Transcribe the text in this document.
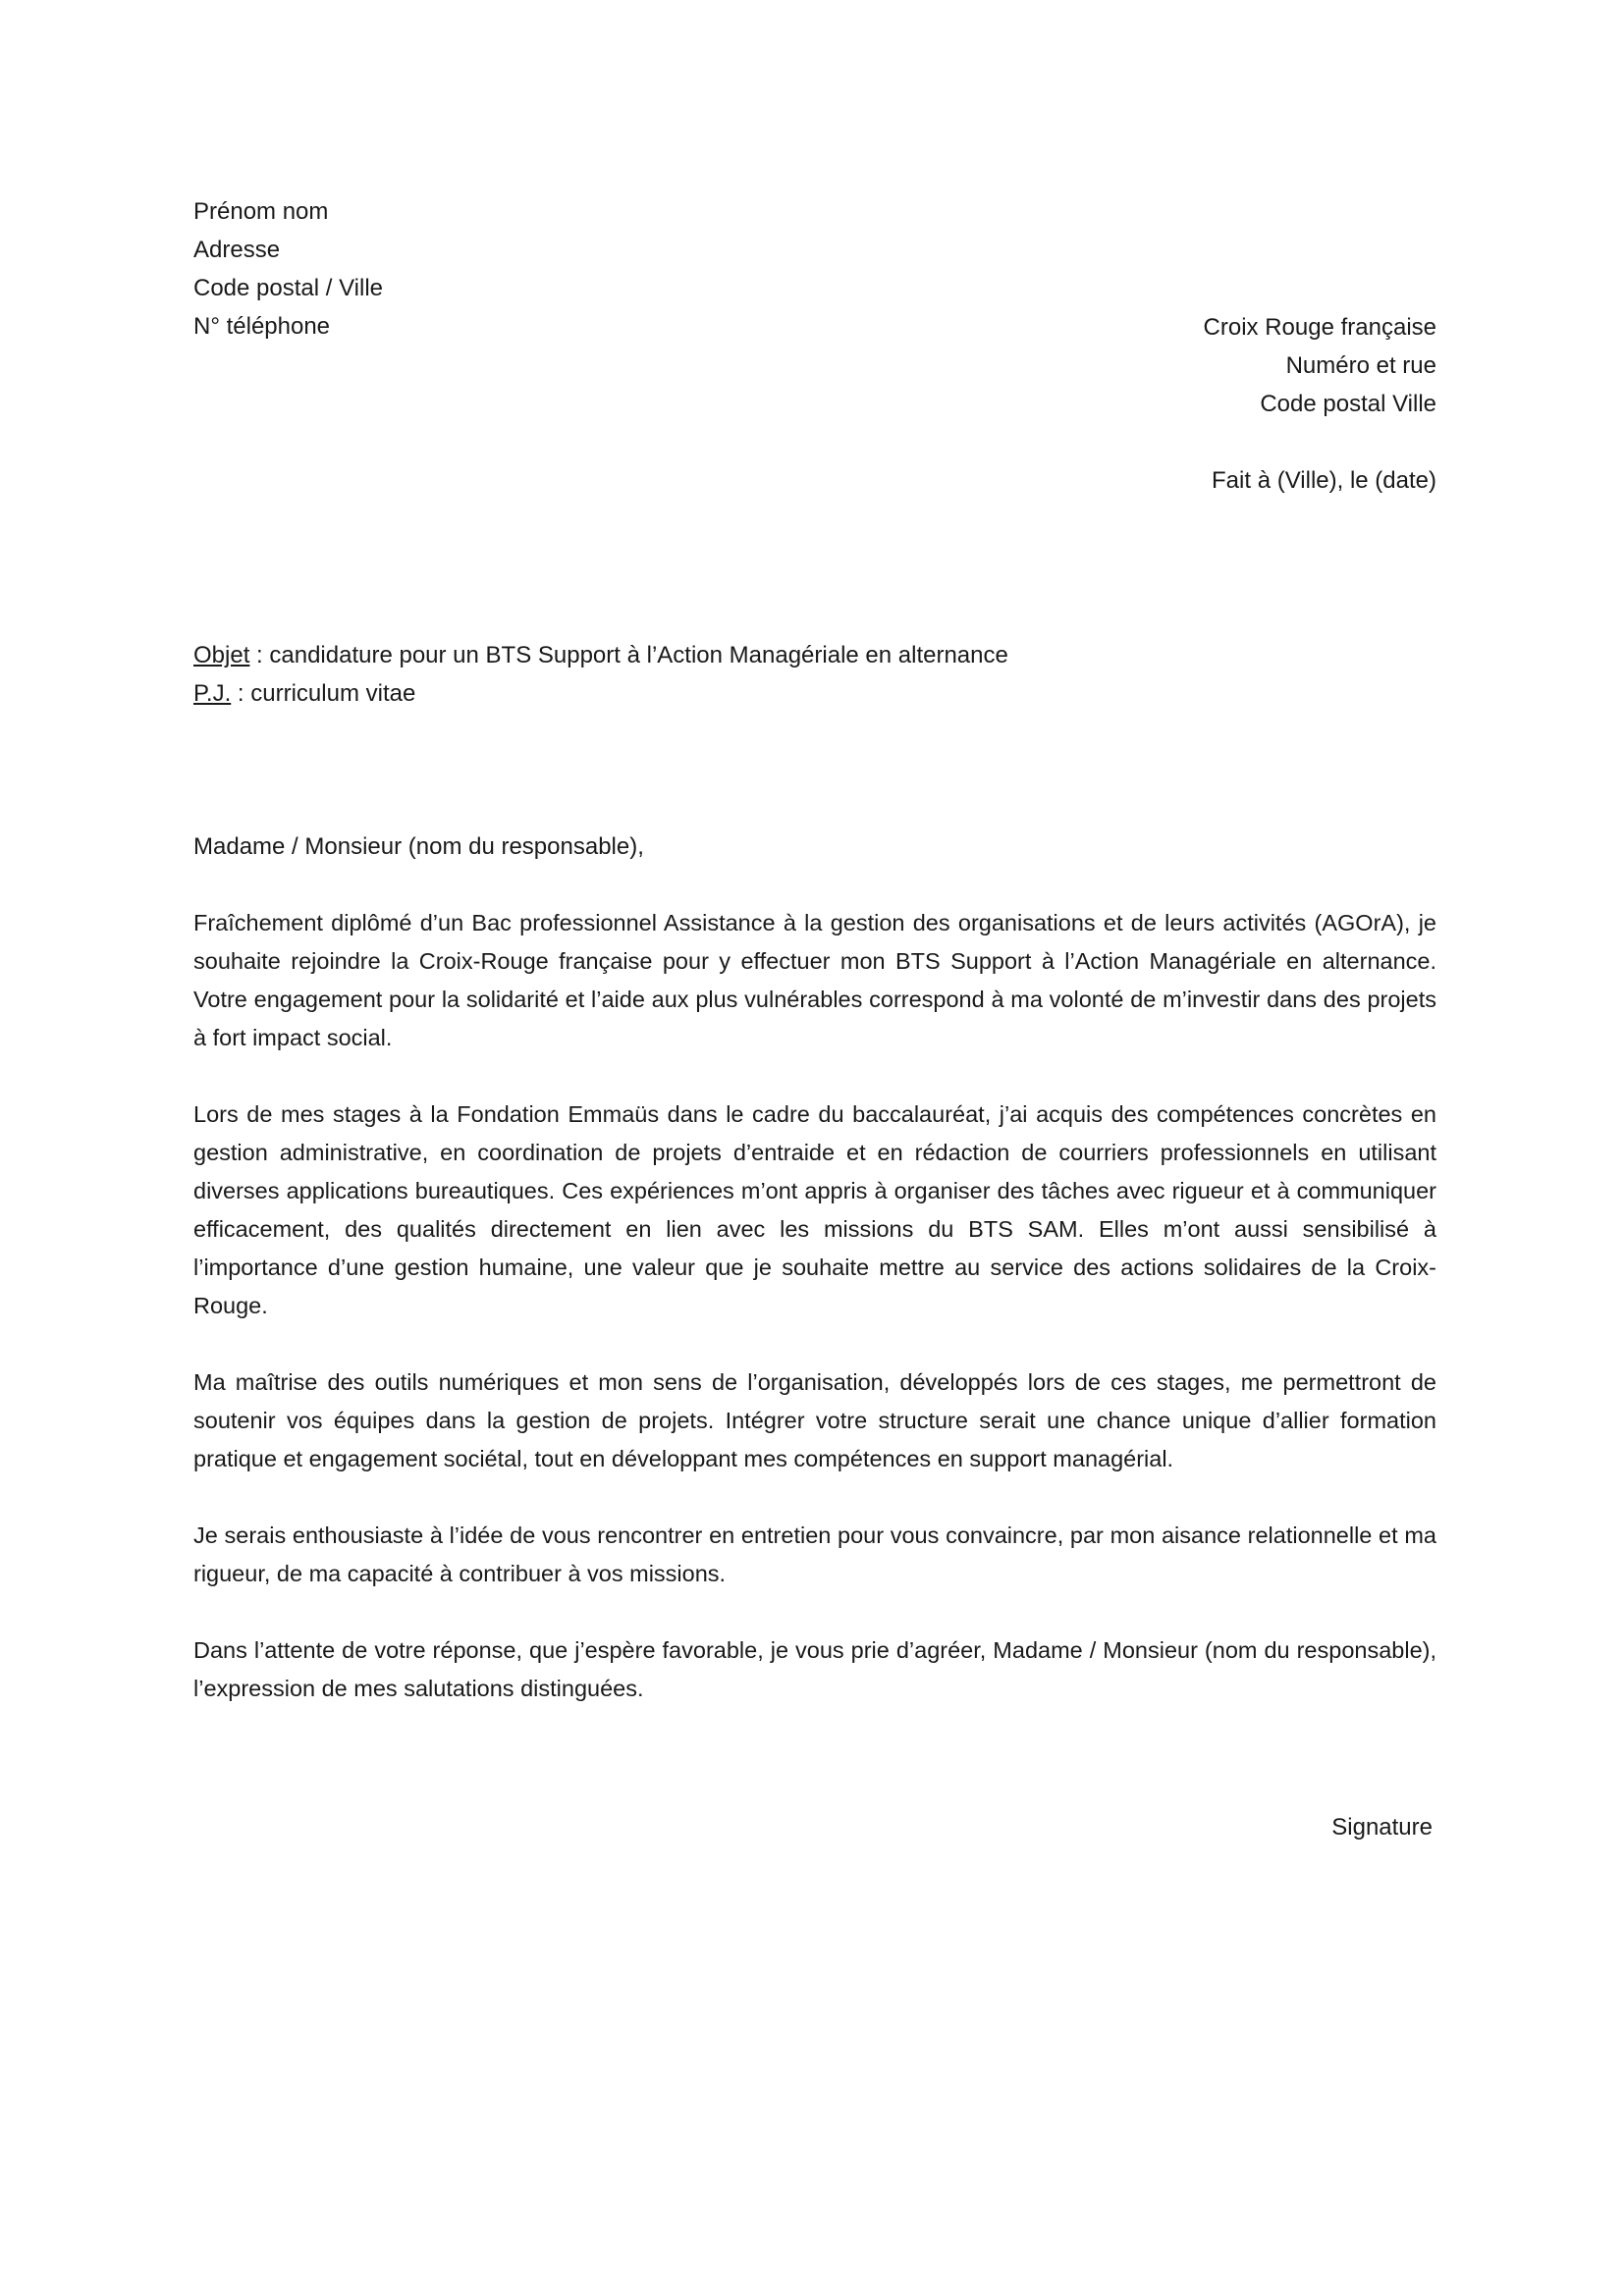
Prénom nom
Adresse
Code postal / Ville
N° téléphone	Croix Rouge française
Numéro et rue
Code postal Ville
Fait à (Ville), le (date)
Objet : candidature pour un BTS Support à l’Action Managériale en alternance
P.J. : curriculum vitae
Madame / Monsieur (nom du responsable),

Fraîchement diplômé d’un Bac professionnel Assistance à la gestion des organisations et de leurs activités (AGOrA), je souhaite rejoindre la Croix-Rouge française pour y effectuer mon BTS Support à l’Action Managériale en alternance. Votre engagement pour la solidarité et l’aide aux plus vulnérables correspond à ma volonté de m’investir dans des projets à fort impact social.

Lors de mes stages à la Fondation Emmaüs dans le cadre du baccalauréat, j’ai acquis des compétences concrètes en gestion administrative, en coordination de projets d’entraide et en rédaction de courriers professionnels en utilisant diverses applications bureautiques. Ces expériences m’ont appris à organiser des tâches avec rigueur et à communiquer efficacement, des qualités directement en lien avec les missions du BTS SAM. Elles m’ont aussi sensibilisé à l’importance d’une gestion humaine, une valeur que je souhaite mettre au service des actions solidaires de la Croix-Rouge.

Ma maîtrise des outils numériques et mon sens de l’organisation, développés lors de ces stages, me permettront de soutenir vos équipes dans la gestion de projets. Intégrer votre structure serait une chance unique d’allier formation pratique et engagement sociétal, tout en développant mes compétences en support managérial.

Je serais enthousiaste à l’idée de vous rencontrer en entretien pour vous convaincre, par mon aisance relationnelle et ma rigueur, de ma capacité à contribuer à vos missions.

Dans l’attente de votre réponse, que j’espère favorable, je vous prie d’agréer, Madame / Monsieur (nom du responsable), l’expression de mes salutations distinguées.

Signature
